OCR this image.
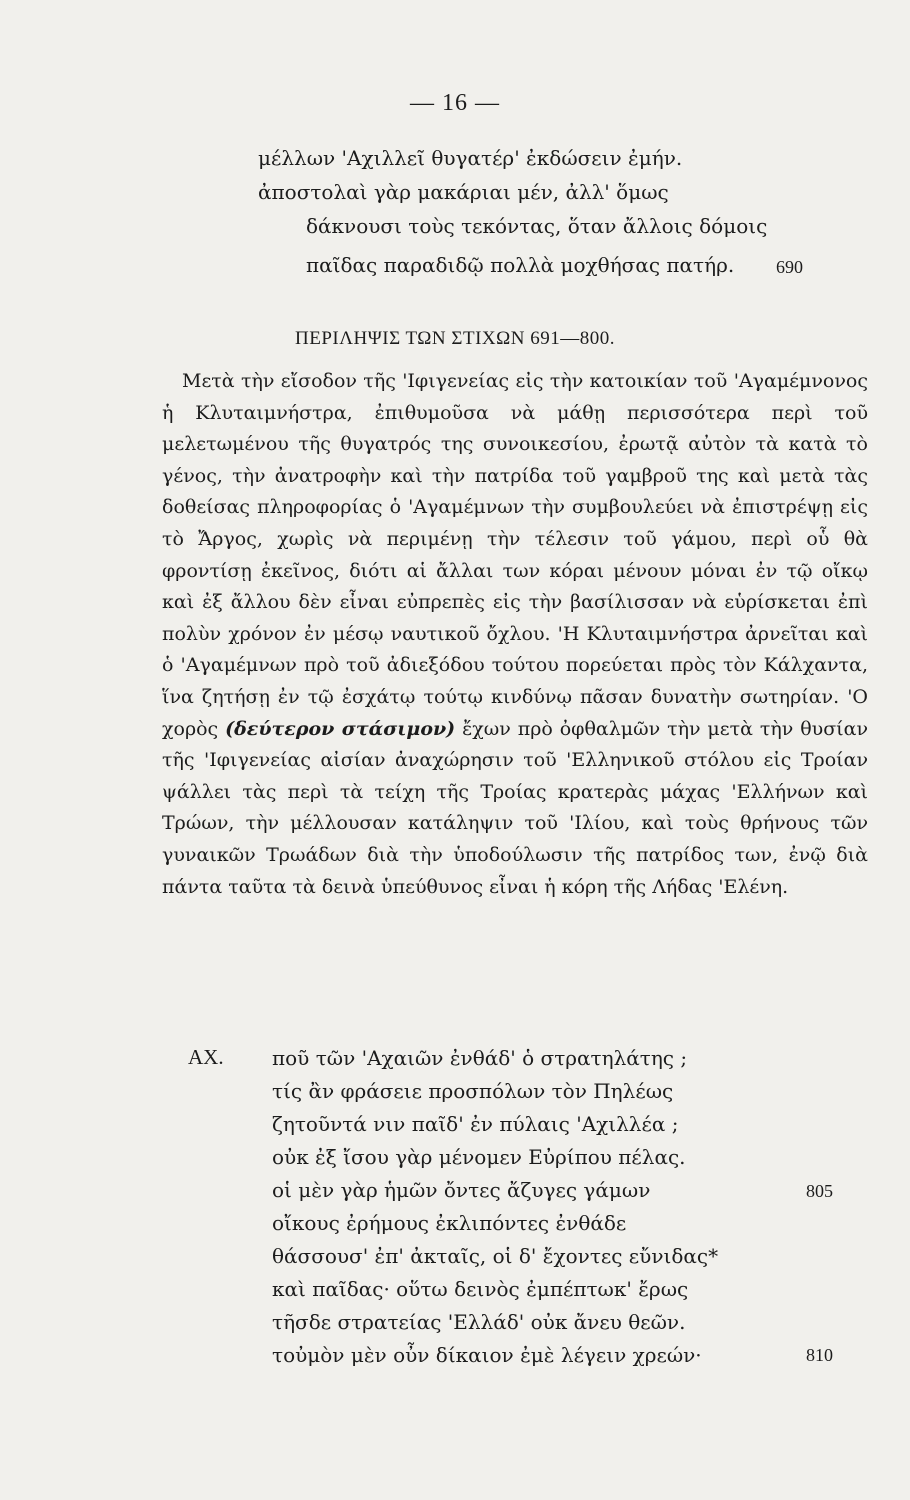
— 16 —
μέλλων 'Αχιλλεῖ θυγατέρ' ἐκδώσειν ἐμήν.
ἀποστολαὶ γὰρ μακάριαι μέν, ἀλλ' ὅμως
δάκνουσι τοὺς τεκόντας, ὅταν ἄλλοις δόμοις
παῖδας παραδιδῷ πολλὰ μοχθήσας πατήρ. 690
ΠΕΡΙΛΗΨΙΣ ΤΩΝ ΣΤΙΧΩΝ 691—800.
Μετὰ τὴν εἴσοδον τῆς 'Ιφιγενείας εἰς τὴν κατοικίαν τοῦ 'Αγαμέμνονος ἡ Κλυταιμνήστρα, ἐπιθυμοῦσα νὰ μάθῃ περισσότερα περὶ τοῦ μελετωμένου τῆς θυγατρός της συνοικεσίου, ἐρωτᾷ αὐτὸν τὰ κατὰ τὸ γένος, τὴν ἀνατροφὴν καὶ τὴν πατρίδα τοῦ γαμβροῦ της καὶ μετὰ τὰς δοθείσας πληροφορίας ὁ 'Αγαμέμνων τὴν συμβουλεύει νὰ ἐπιστρέψῃ εἰς τὸ Ἄργος, χωρὶς νὰ περιμένῃ τὴν τέλεσιν τοῦ γάμου, περὶ οὗ θὰ φροντίσῃ ἐκεῖνος, διότι αἱ ἄλλαι των κόραι μένουν μόναι ἐν τῷ οἴκῳ καὶ ἐξ ἄλλου δὲν εἶναι εὐπρεπὲς εἰς τὴν βασίλισσαν νὰ εὑρίσκεται ἐπὶ πολὺν χρόνον ἐν μέσῳ ναυτικοῦ ὄχλου. 'Η Κλυταιμνήστρα ἀρνεῖται καὶ ὁ 'Αγαμέμνων πρὸ τοῦ ἀδιεξόδου τούτου πορεύεται πρὸς τὸν Κάλχαντα, ἵνα ζητήσῃ ἐν τῷ ἐσχάτῳ τούτῳ κινδύνῳ πᾶσαν δυνατὴν σωτηρίαν. 'Ο χορὸς (δεύτερον στάσιμον) ἔχων πρὸ ὀφθαλμῶν τὴν μετὰ τὴν θυσίαν τῆς 'Ιφιγενείας αἰσίαν ἀναχώρησιν τοῦ 'Ελληνικοῦ στόλου εἰς Τροίαν ψάλλει τὰς περὶ τὰ τείχη τῆς Τροίας κρατερὰς μάχας 'Ελλήνων καὶ Τρώων, τὴν μέλλουσαν κατάληψιν τοῦ 'Ιλίου, καὶ τοὺς θρήνους τῶν γυναικῶν Τρωάδων διὰ τὴν ὑποδούλωσιν τῆς πατρίδος των, ἐνῷ διὰ πάντα ταῦτα τὰ δεινὰ ὑπεύθυνος εἶναι ἡ κόρη τῆς Λήδας 'Ελένη.
ΑΧ. ποῦ τῶν 'Αχαιῶν ἐνθάδ' ὁ στρατηλάτης ;
τίς ἂν φράσειε προσπόλων τὸν Πηλέως
ζητοῦντά νιν παῖδ' ἐν πύλαις 'Αχιλλέα ;
οὐκ ἐξ ἴσου γὰρ μένομεν Εὐρίπου πέλας.
οἱ μὲν γὰρ ἡμῶν ὄντες ἄζυγες γάμων	805
οἴκους ἐρήμους ἐκλιπόντες ἐνθάδε
θάσσουσ' ἐπ' ἀκταῖς, οἱ δ' ἔχοντες εὔνιδας*
καὶ παῖδας· οὕτω δεινὸς ἐμπέπτωκ' ἔρως
τῆσδε στρατείας 'Ελλάδ' οὐκ ἄνευ θεῶν.
τοὐμὸν μὲν οὖν δίκαιον ἐμὲ λέγειν χρεών·	810
